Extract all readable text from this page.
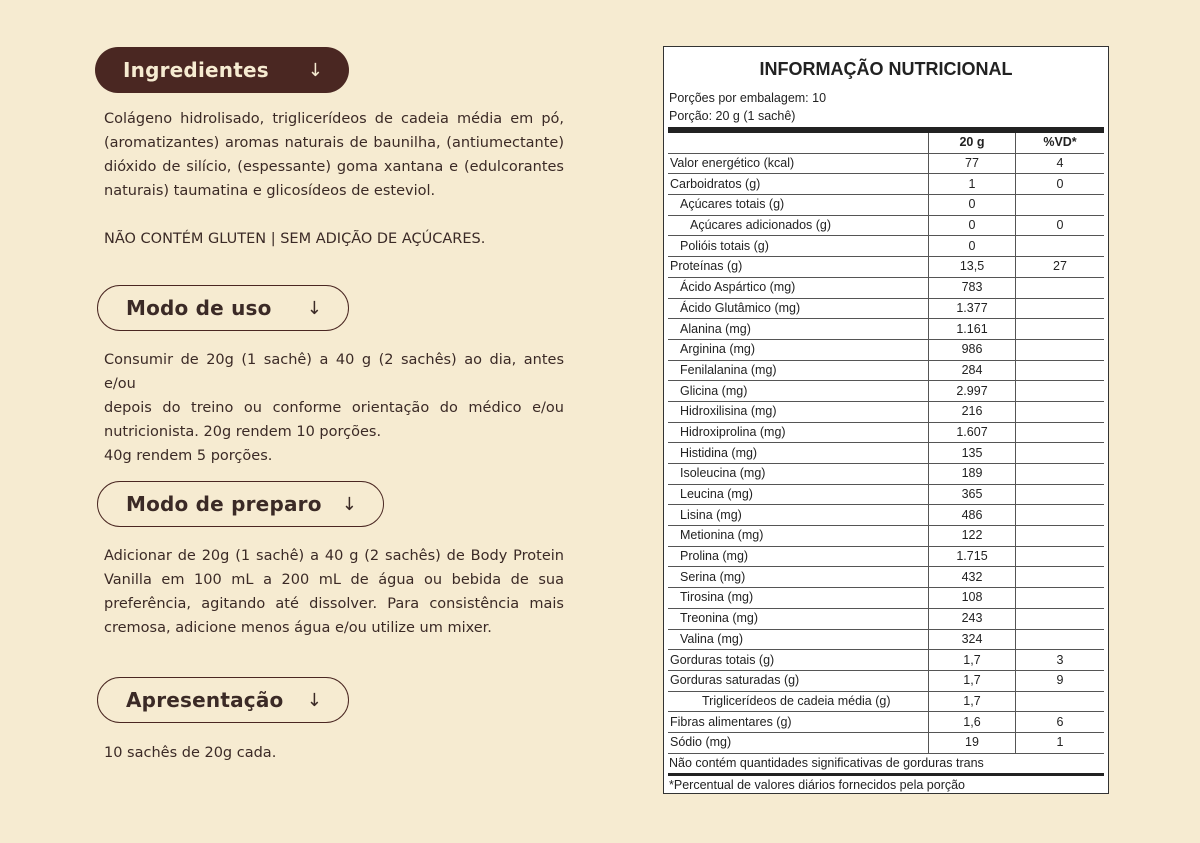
Ingredientes ↓
Colágeno hidrolisado, triglicerídeos de cadeia média em pó,
(aromatizantes) aromas naturais de baunilha, (antiumectante)
dióxido de silício, (espessante) goma xantana e (edulcorantes
naturais) taumatina e glicosídeos de esteviol.
NÃO CONTÉM GLUTEN | SEM ADIÇÃO DE AÇÚCARES.
Modo de uso ↓
Consumir de 20g (1 sachê) a 40 g (2 sachês) ao dia, antes e/ou
depois do treino ou conforme orientação do médico e/ou
nutricionista. 20g rendem 10 porções.
40g rendem 5 porções.
Modo de preparo ↓
Adicionar de 20g (1 sachê) a 40 g (2 sachês) de Body Protein
Vanilla em 100 mL a 200 mL de água ou bebida de sua
preferência, agitando até dissolver. Para consistência mais
cremosa, adicione menos água e/ou utilize um mixer.
Apresentação ↓
10 sachês de 20g cada.
INFORMAÇÃO NUTRICIONAL
Porções por embalagem: 10
Porção: 20 g (1 sachê)
	20 g	%VD*
Valor energético (kcal)	77	4
Carboidratos (g)	1	0
Açúcares totais (g)	0	
Açúcares adicionados (g)	0	0
Polióis totais (g)	0	
Proteínas (g)	13,5	27
Ácido Aspártico (mg)	783	
Ácido Glutâmico (mg)	1.377	
Alanina (mg)	1.161	
Arginina (mg)	986	
Fenilalanina (mg)	284	
Glicina (mg)	2.997	
Hidroxilisina (mg)	216	
Hidroxiprolina (mg)	1.607	
Histidina (mg)	135	
Isoleucina (mg)	189	
Leucina (mg)	365	
Lisina (mg)	486	
Metionina (mg)	122	
Prolina (mg)	1.715	
Serina (mg)	432	
Tirosina (mg)	108	
Treonina (mg)	243	
Valina (mg)	324	
Gorduras totais (g)	1,7	3
Gorduras saturadas (g)	1,7	9
Triglicerídeos de cadeia média (g)	1,7	
Fibras alimentares (g)	1,6	6
Sódio (mg)	19	1
Não contém quantidades significativas de gorduras trans
*Percentual de valores diários fornecidos pela porção
